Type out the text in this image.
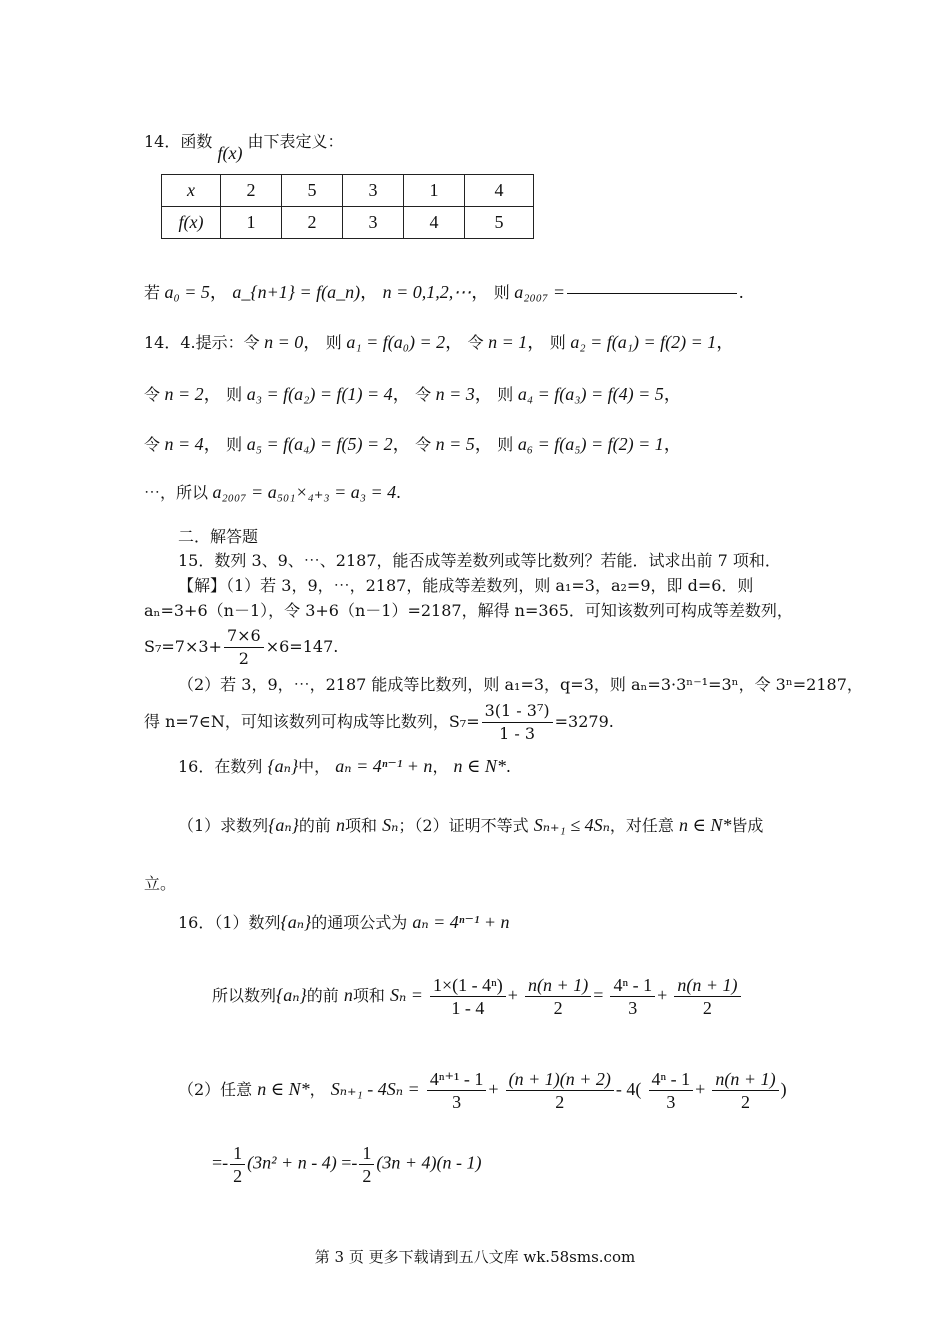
14．函数 f(x) 由下表定义：
x	2	5	3	1	4
f(x)	1	2	3	4	5
若 a₀ = 5， a_{n+1} = f(a_n)， n = 0,1,2,⋯， 则 a₂₀₀₇ =	.
14．4.提示：令 n = 0， 则 a₁ = f(a₀) = 2， 令 n = 1， 则 a₂ = f(a₁) = f(2) = 1，
令 n = 2， 则 a₃ = f(a₂) = f(1) = 4， 令 n = 3， 则 a₄ = f(a₃) = f(4) = 5，
令 n = 4， 则 a₅ = f(a₄) = f(5) = 2， 令 n = 5， 则 a₆ = f(a₅) = f(2) = 1，
⋯，所以 a₂₀₀₇ = a₅₀₁×₄₊₃ = a₃ = 4.
二．解答题
15．数列 3、9、⋯、2187，能否成等差数列或等比数列？若能．试求出前 7 项和．
【解】（1）若 3，9，⋯，2187，能成等差数列，则 a₁=3，a₂=9，即 d=6．则
aₙ=3+6（n－1），令 3+6（n－1）=2187，解得 n=365．可知该数列可构成等差数列，
$S_7=7\times 3+ \frac{7\times 6}{2} \times 6=147$.
（2）若 3，9，⋯，2187 能成等比数列，则 a₁=3，q=3，则 aₙ=3·3ⁿ⁻¹=3ⁿ，令 3ⁿ=2187，
得 n=7∈N，可知该数列可构成等比数列，$S_7= \frac{\text{3(1 - 3⁷)}}{1 - 3} =3279$.
16．在数列 {aₙ}中， aₙ = 4ⁿ⁻¹ + n， n ∈ N*.
（1）求数列{aₙ}的前 n项和 Sₙ；（2）证明不等式 Sₙ₊₁ ≤ 4Sₙ，对任意 n ∈ N*皆成
立。
16．（1）数列{aₙ}的通项公式为 aₙ = 4ⁿ⁻¹ + n
所以数列{aₙ}的前 n项和 $S_n = \frac{\text{1×(1 - 4ⁿ)}}{1 - 4} + \frac{n(n + 1)}{2} = \frac{\text{4ⁿ - 1}}{3} + \frac{n(n + 1)}{2}$
（2）任意 n ∈ N*， $S_{n+1} - 4S_n = \frac{\text{4ⁿ⁺¹ - 1}}{3} + \frac{(n + 1)(n + 2)}{2} - 4( \frac{\text{4ⁿ - 1}}{3} + \frac{n(n + 1)}{2}$ )
=- $\frac{1}{2} (3n^2 + n - 4) =- \frac{1}{2} (3n + 4)(n - 1)$
第 3 页 更多下载请到五八文库 wk.58sms.com
